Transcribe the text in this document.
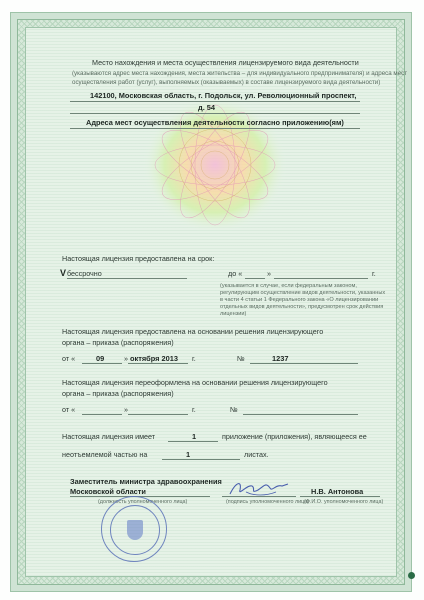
Место нахождения и места осуществления лицензируемого вида деятельности
(указываются адрес места нахождения, места жительства – для индивидуального предпринимателя) и адреса мест
осуществления работ (услуг), выполняемых (оказываемых) в составе лицензируемого вида деятельности)
142100, Московская область, г. Подольск, ул. Революционный проспект,
д. 54
Адреса мест осуществления деятельности согласно приложению(ям)
Настоящая лицензия предоставлена на срок:
V бессрочно	до «	»	г.
(указывается в случае, если федеральным законом,
регулирующим осуществление видов деятельности, указанных
в части 4 статьи 1 Федерального закона «О лицензировании
отдельных видов деятельности», предусмотрен срок действия
лицензии)
Настоящая лицензия предоставлена на основании решения лицензирующего
органа – приказа (распоряжения)
от «	09	» октября 2013 г.	№	1237
Настоящая лицензия переоформлена на основании решения лицензирующего
органа – приказа (распоряжения)
от «	»	г.	№
Настоящая лицензия имеет	1	приложение (приложения), являющееся ее
неотъемлемой частью на	1	листах.
Заместитель министра здравоохранения
Московской области
(должность уполномоченного лица)	(подпись уполномоченного лица)
Н.В. Антонова
(Ф.И.О. уполномоченного лица)
